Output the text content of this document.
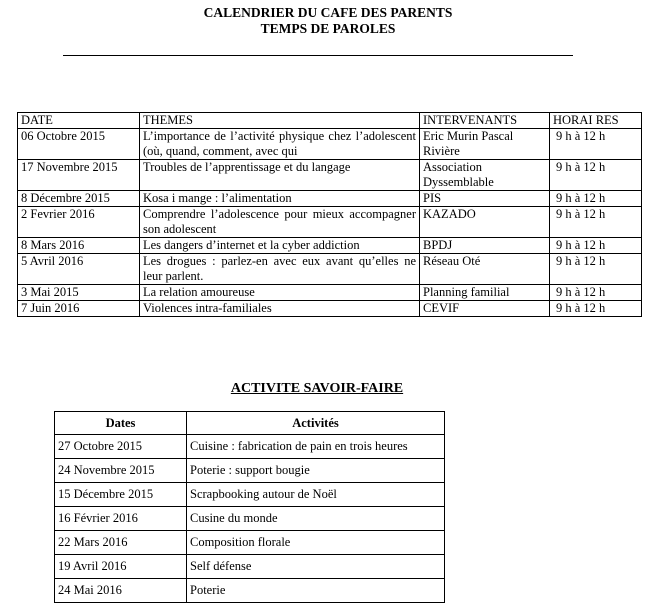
CALENDRIER DU CAFE DES PARENTS
TEMPS DE PAROLES
DATE	THEMES	INTERVENANTS	HORAI RES
06 Octobre 2015	L’importance de l’activité physique chez l’adolescent (où, quand, comment, avec qui	Eric Murin Pascal Rivière	9 h à 12 h
17 Novembre 2015	Troubles de l’apprentissage et du langage	Association Dyssemblable	9 h à 12 h
8 Décembre 2015	Kosa i mange : l’alimentation	PIS	9 h à 12 h
2 Fevrier 2016	Comprendre l’adolescence pour mieux accompagner son adolescent	KAZADO	9 h à 12 h
8 Mars 2016	Les dangers d’internet et la cyber addiction	BPDJ	9 h à 12 h
5 Avril 2016	Les drogues : parlez-en avec eux avant qu’elles ne leur parlent.	Réseau Oté	9 h à 12 h
3 Mai 2015	La relation amoureuse	Planning familial	9 h à 12 h
7 Juin 2016	Violences intra-familiales	CEVIF	9 h à 12 h
ACTIVITE SAVOIR-FAIRE
Dates	Activités
27 Octobre 2015	Cuisine : fabrication de pain en trois heures
24 Novembre 2015	Poterie : support bougie
15 Décembre 2015	Scrapbooking autour de Noël
16 Février 2016	Cusine du monde
22 Mars 2016	Composition florale
19 Avril 2016	Self défense
24 Mai 2016	Poterie
